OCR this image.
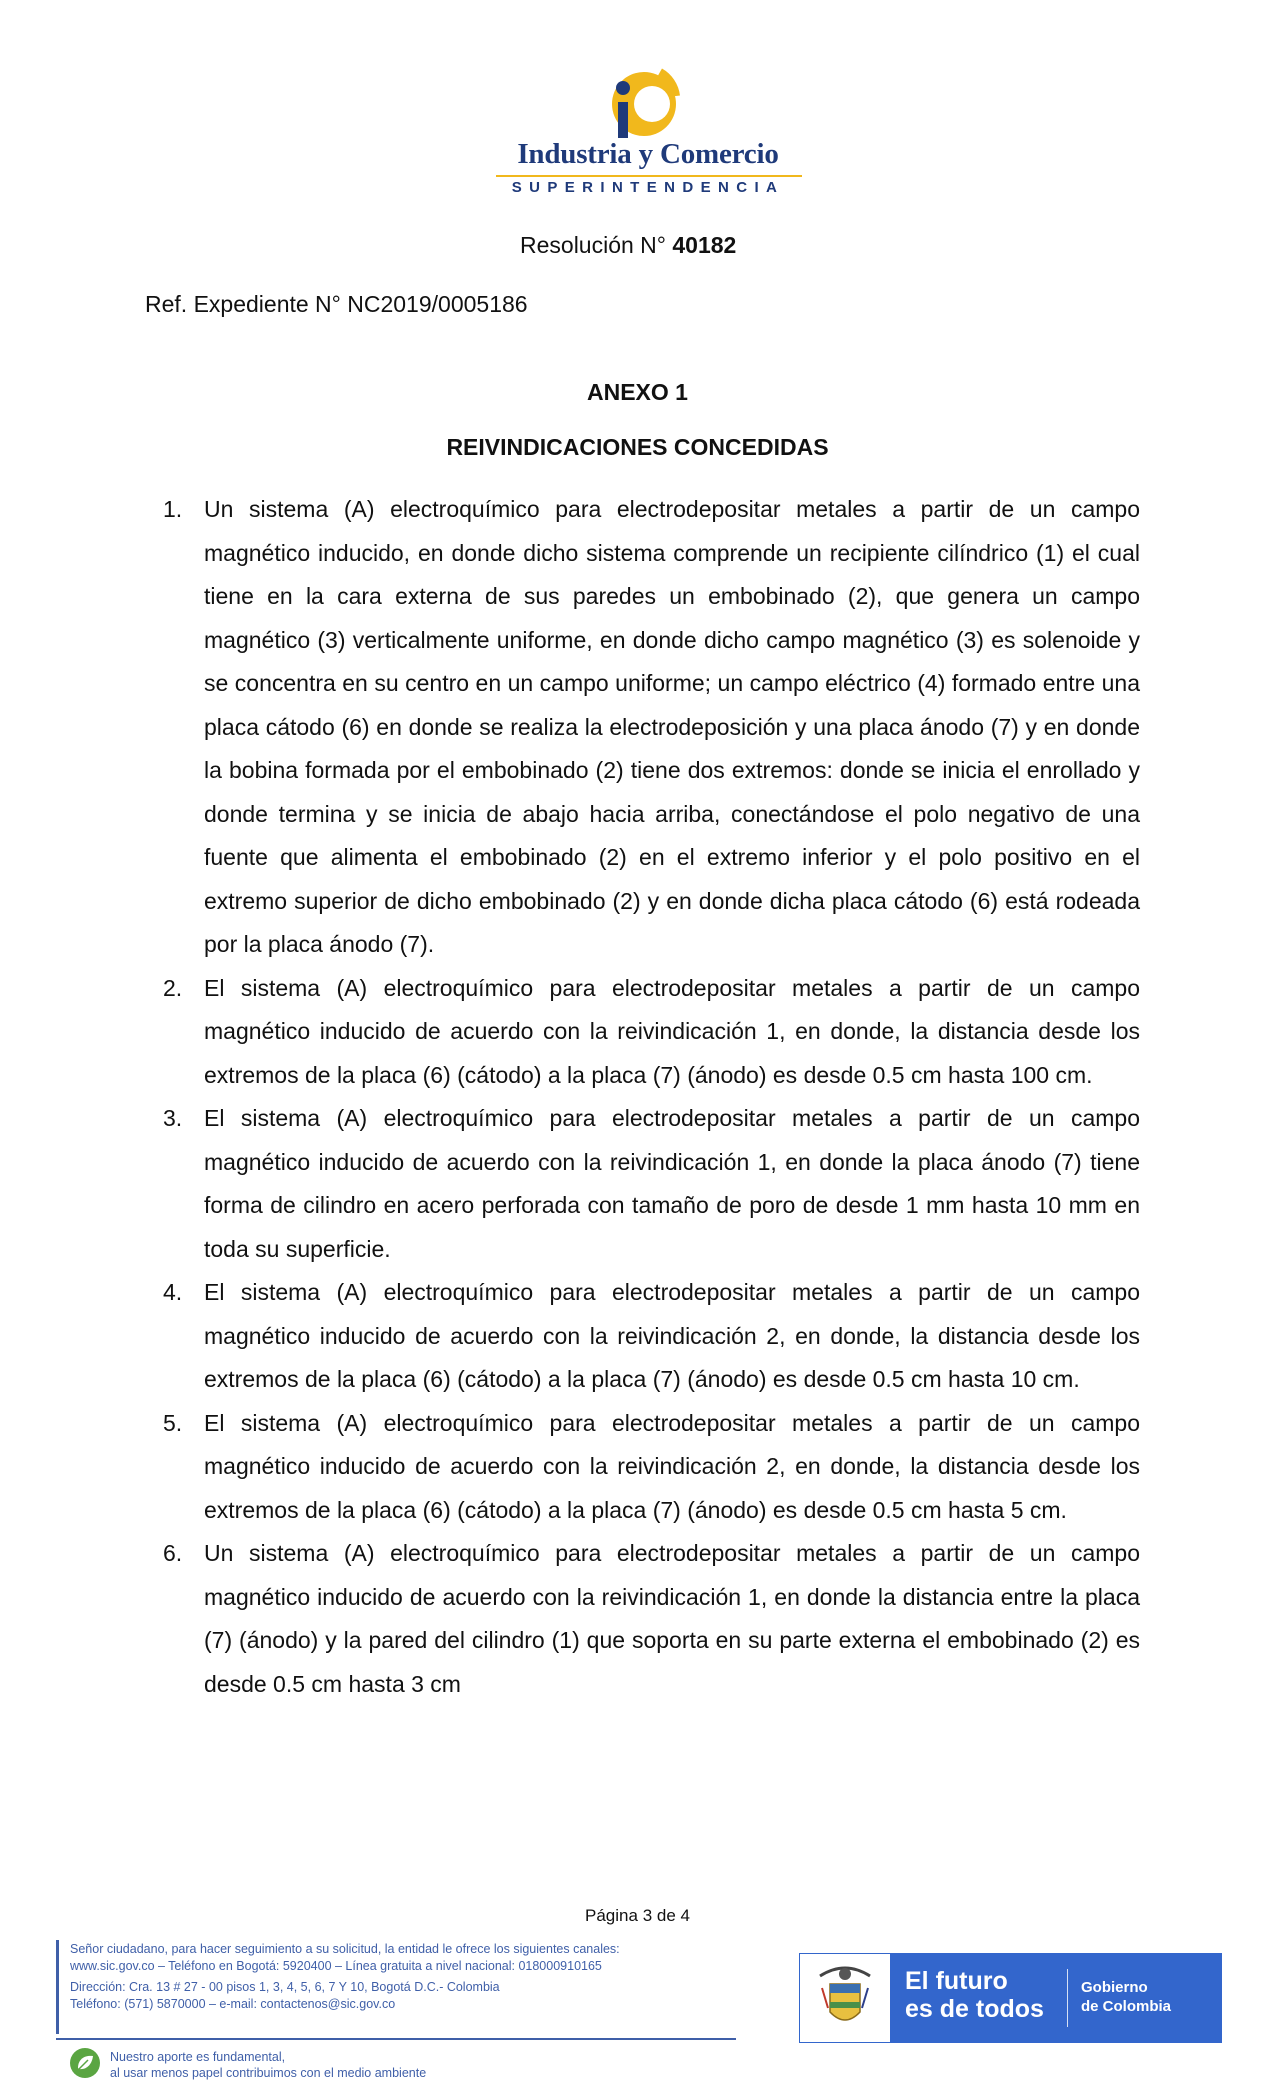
Industria y Comercio
SUPERINTENDENCIA
Resolución N° 40182
Ref. Expediente N° NC2019/0005186
ANEXO 1
REIVINDICACIONES CONCEDIDAS
1. Un sistema (A) electroquímico para electrodepositar metales a partir de un campo magnético inducido, en donde dicho sistema comprende un recipiente cilíndrico (1) el cual tiene en la cara externa de sus paredes un embobinado (2), que genera un campo magnético (3) verticalmente uniforme, en donde dicho campo magnético (3) es solenoide y se concentra en su centro en un campo uniforme; un campo eléctrico (4) formado entre una placa cátodo (6) en donde se realiza la electrodeposición y una placa ánodo (7) y en donde la bobina formada por el embobinado (2) tiene dos extremos: donde se inicia el enrollado y donde termina y se inicia de abajo hacia arriba, conectándose el polo negativo de una fuente que alimenta el embobinado (2) en el extremo inferior y el polo positivo en el extremo superior de dicho embobinado (2) y en donde dicha placa cátodo (6) está rodeada por la placa ánodo (7).
2. El sistema (A) electroquímico para electrodepositar metales a partir de un campo magnético inducido de acuerdo con la reivindicación 1, en donde, la distancia desde los extremos de la placa (6) (cátodo) a la placa (7) (ánodo) es desde 0.5 cm hasta 100 cm.
3. El sistema (A) electroquímico para electrodepositar metales a partir de un campo magnético inducido de acuerdo con la reivindicación 1, en donde la placa ánodo (7) tiene forma de cilindro en acero perforada con tamaño de poro de desde 1 mm hasta 10 mm en toda su superficie.
4. El sistema (A) electroquímico para electrodepositar metales a partir de un campo magnético inducido de acuerdo con la reivindicación 2, en donde, la distancia desde los extremos de la placa (6) (cátodo) a la placa (7) (ánodo) es desde 0.5 cm hasta 10 cm.
5. El sistema (A) electroquímico para electrodepositar metales a partir de un campo magnético inducido de acuerdo con la reivindicación 2, en donde, la distancia desde los extremos de la placa (6) (cátodo) a la placa (7) (ánodo) es desde 0.5 cm hasta 5 cm.
6. Un sistema (A) electroquímico para electrodepositar metales a partir de un campo magnético inducido de acuerdo con la reivindicación 1, en donde la distancia entre la placa (7) (ánodo) y la pared del cilindro (1) que soporta en su parte externa el embobinado (2) es desde 0.5 cm hasta 3 cm
Página 3 de 4
Señor ciudadano, para hacer seguimiento a su solicitud, la entidad le ofrece los siguientes canales:
www.sic.gov.co – Teléfono en Bogotá: 5920400 – Línea gratuita a nivel nacional: 018000910165
Dirección: Cra. 13 # 27 - 00 pisos 1, 3, 4, 5, 6, 7 Y 10, Bogotá D.C.- Colombia
Teléfono: (571) 5870000 – e-mail: contactenos@sic.gov.co
Nuestro aporte es fundamental,
al usar menos papel contribuimos con el medio ambiente
El futuro
es de todos
Gobierno
de Colombia
